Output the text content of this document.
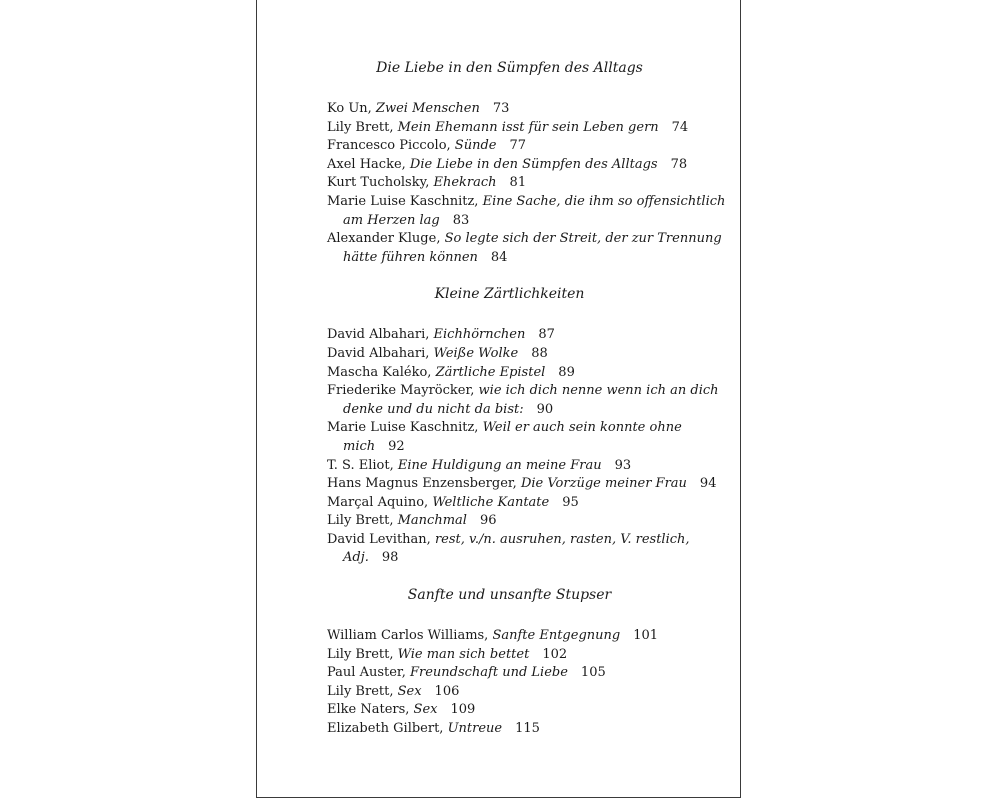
Die Liebe in den Sümpfen des Alltags
Ko Un, Zwei Menschen 73
Lily Brett, Mein Ehemann isst für sein Leben gern 74
Francesco Piccolo, Sünde 77
Axel Hacke, Die Liebe in den Sümpfen des Alltags 78
Kurt Tucholsky, Ehekrach 81
Marie Luise Kaschnitz, Eine Sache, die ihm so offensichtlich am Herzen lag 83
Alexander Kluge, So legte sich der Streit, der zur Trennung hätte führen können 84
Kleine Zärtlichkeiten
David Albahari, Eichhörnchen 87
David Albahari, Weiße Wolke 88
Mascha Kaléko, Zärtliche Epistel 89
Friederike Mayröcker, wie ich dich nenne wenn ich an dich denke und du nicht da bist: 90
Marie Luise Kaschnitz, Weil er auch sein konnte ohne mich 92
T. S. Eliot, Eine Huldigung an meine Frau 93
Hans Magnus Enzensberger, Die Vorzüge meiner Frau 94
Marçal Aquino, Weltliche Kantate 95
Lily Brett, Manchmal 96
David Levithan, rest, v./n. ausruhen, rasten, V. restlich, Adj. 98
Sanfte und unsanfte Stupser
William Carlos Williams, Sanfte Entgegnung 101
Lily Brett, Wie man sich bettet 102
Paul Auster, Freundschaft und Liebe 105
Lily Brett, Sex 106
Elke Naters, Sex 109
Elizabeth Gilbert, Untreue 115
